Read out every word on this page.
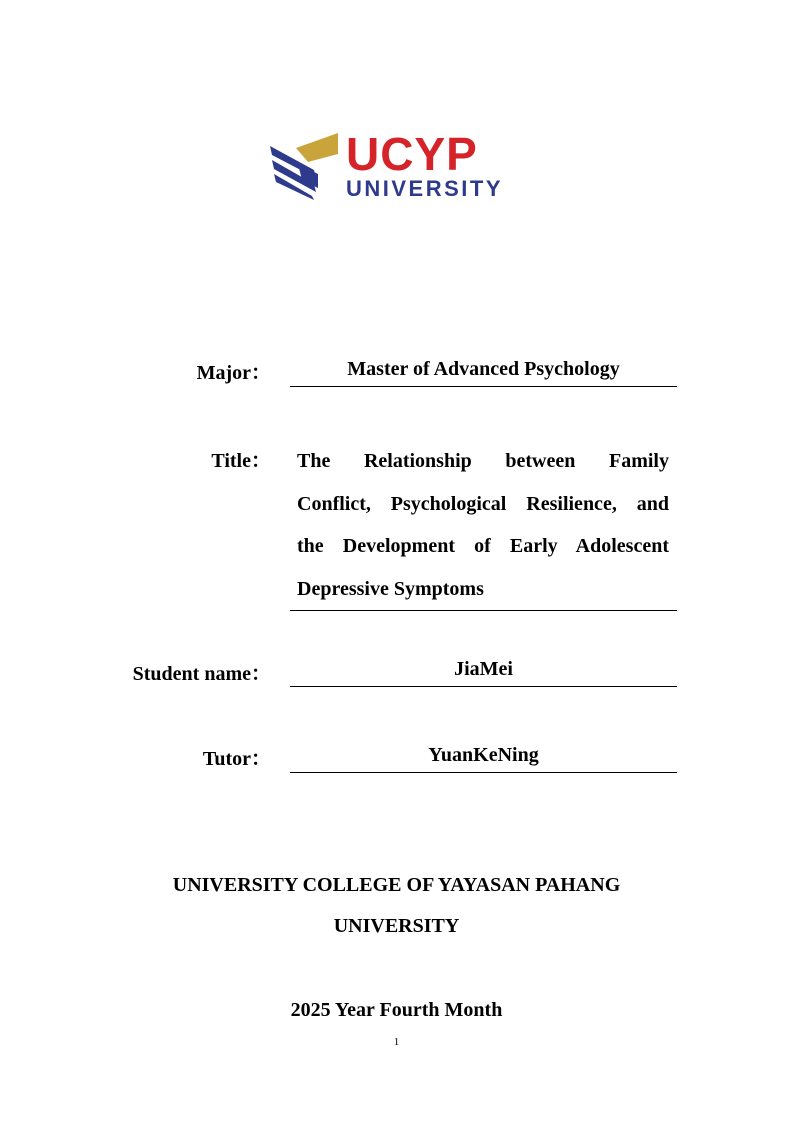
UCYP
UNIVERSITY
Major：	Master of Advanced Psychology
Title：	The Relationship between Family
Conflict, Psychological Resilience, and
the Development of Early Adolescent
Depressive Symptoms
Student name：	JiaMei
Tutor：	YuanKeNing
UNIVERSITY COLLEGE OF YAYASAN PAHANG
UNIVERSITY
2025 Year Fourth Month
1
